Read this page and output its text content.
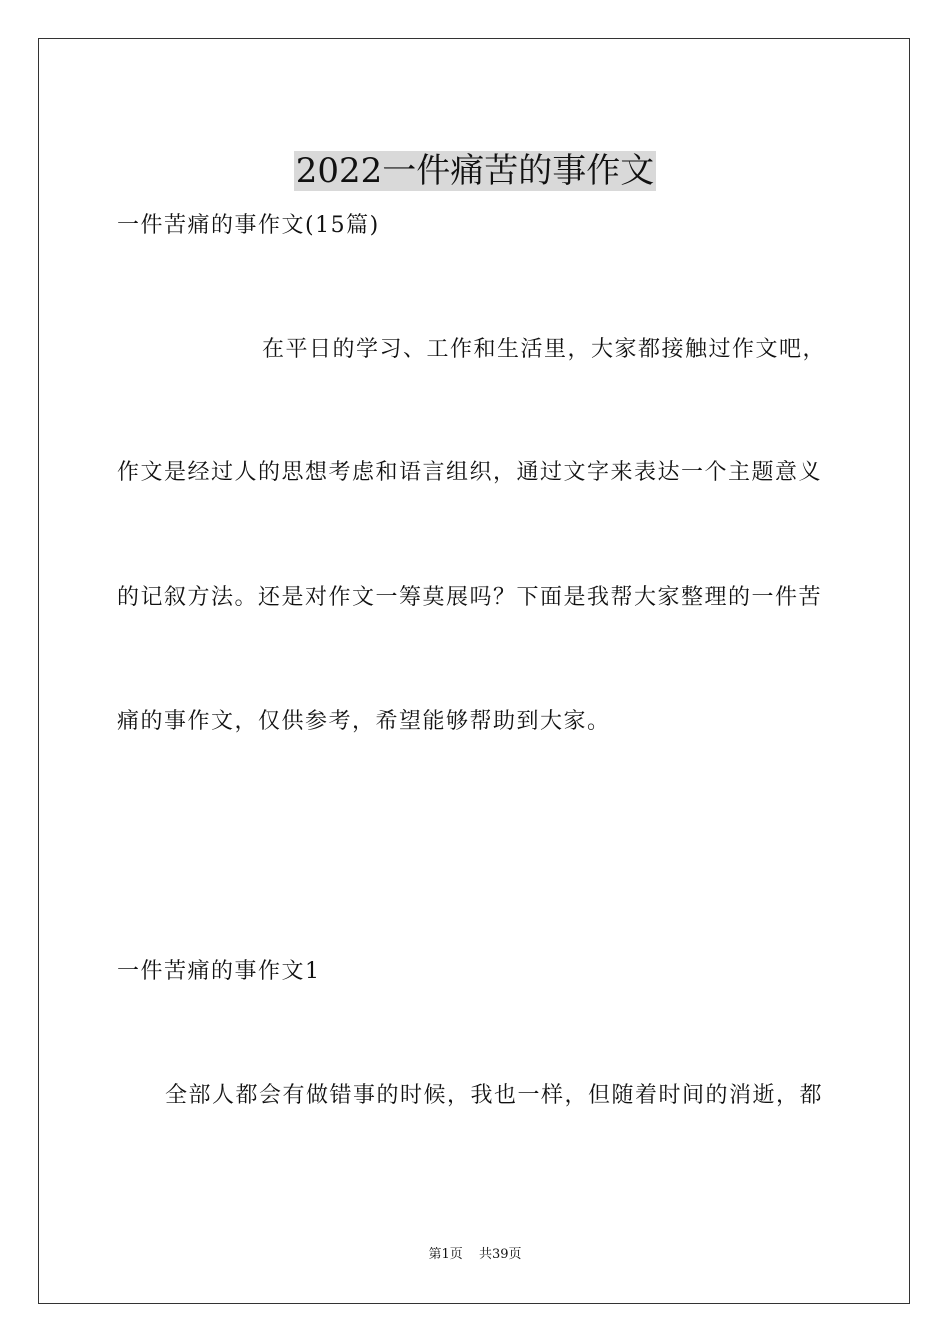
2022一件痛苦的事作文
一件苦痛的事作文(15篇)
在平日的学习、工作和生活里，大家都接触过作文吧，
作文是经过人的思想考虑和语言组织，通过文字来表达一个主题意义
的记叙方法。还是对作文一筹莫展吗？下面是我帮大家整理的一件苦
痛的事作文，仅供参考，希望能够帮助到大家。
一件苦痛的事作文1
全部人都会有做错事的时候，我也一样，但随着时间的消逝，都
第1页 共39页
